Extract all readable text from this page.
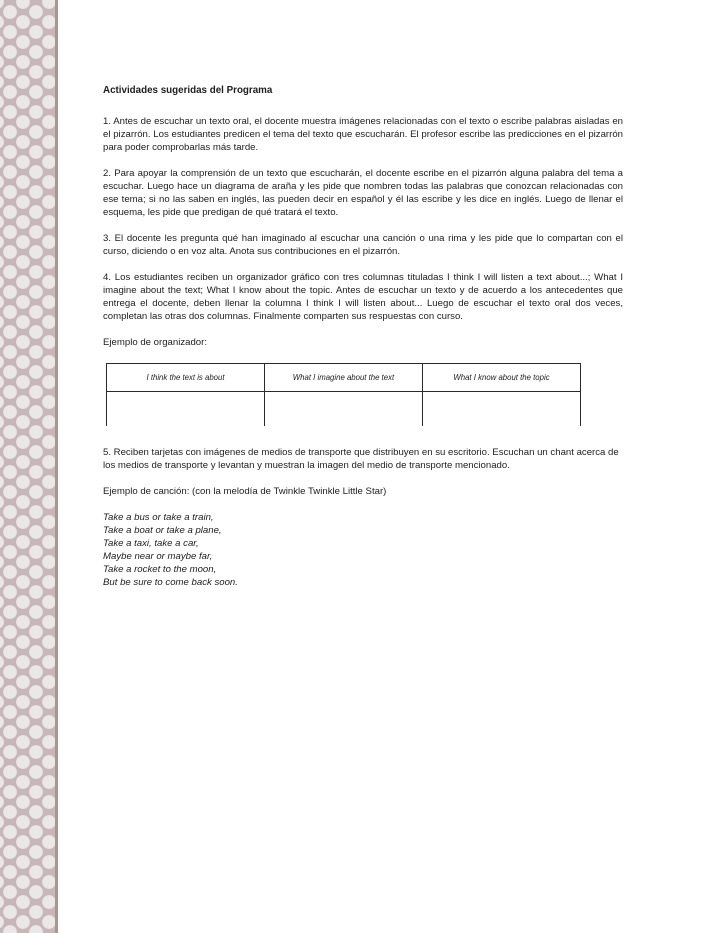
Actividades sugeridas del Programa

1. Antes de escuchar un texto oral, el docente muestra imágenes relacionadas con el texto o escribe palabras aisladas en el pizarrón. Los estudiantes predicen el tema del texto que escucharán. El profesor escribe las predicciones en el pizarrón para poder comprobarlas más tarde.

2. Para apoyar la comprensión de un texto que escucharán, el docente escribe en el pizarrón alguna palabra del tema a escuchar. Luego hace un diagrama de araña y les pide que nombren todas las palabras que conozcan relacionadas con ese tema; si no las saben en inglés, las pueden decir en español y él las escribe y les dice en inglés. Luego de llenar el esquema, les pide que predigan de qué tratará el texto.

3. El docente les pregunta qué han imaginado al escuchar una canción o una rima y les pide que lo compartan con el curso, diciendo o en voz alta. Anota sus contribuciones en el pizarrón.

4. Los estudiantes reciben un organizador gráfico con tres columnas tituladas I think I will listen a text about...; What I imagine about the text; What I know about the topic. Antes de escuchar un texto y de acuerdo a los antecedentes que entrega el docente, deben llenar la columna I think I will listen about... Luego de escuchar el texto oral dos veces, completan las otras dos columnas. Finalmente comparten sus respuestas con curso.

Ejemplo de organizador:

I think the text is about	What I imagine about the text	What I know about the topic

5. Reciben tarjetas con imágenes de medios de transporte que distribuyen en su escritorio. Escuchan un chant acerca de los medios de transporte y levantan y muestran la imagen del medio de transporte mencionado.

Ejemplo de canción: (con la melodía de Twinkle Twinkle Little Star)

Take a bus or take a train,
Take a boat or take a plane,
Take a taxi, take a car,
Maybe near or maybe far,
Take a rocket to the moon,
But be sure to come back soon.
